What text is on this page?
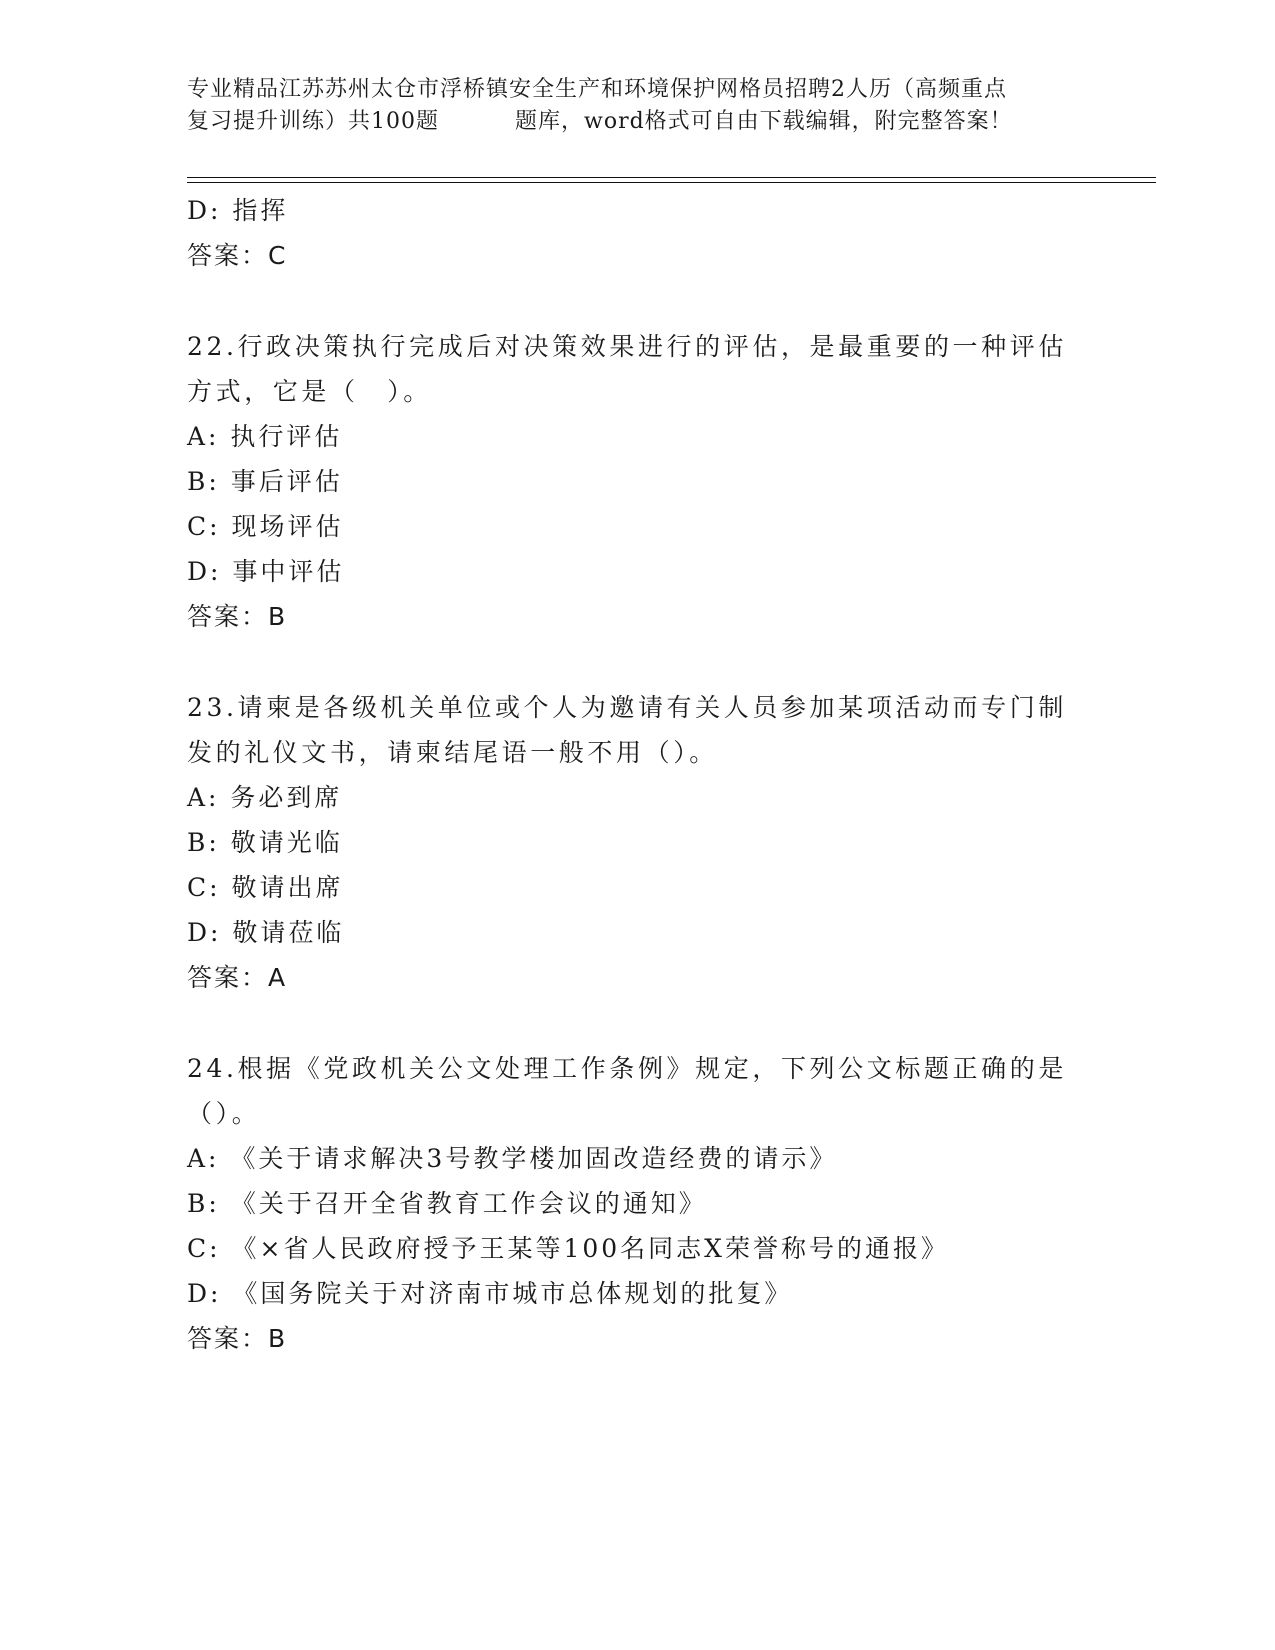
专业精品江苏苏州太仓市浮桥镇安全生产和环境保护网格员招聘2人历（高频重点
复习提升训练）共100题	题库，word格式可自由下载编辑，附完整答案！
D: 指挥
答案：C
22.行政决策执行完成后对决策效果进行的评估，是最重要的一种评估
方式，它是（　）。
A: 执行评估
B: 事后评估
C: 现场评估
D: 事中评估
答案：B
23.请柬是各级机关单位或个人为邀请有关人员参加某项活动而专门制
发的礼仪文书，请柬结尾语一般不用（）。
A: 务必到席
B: 敬请光临
C: 敬请出席
D: 敬请莅临
答案：A
24.根据《党政机关公文处理工作条例》规定，下列公文标题正确的是
（）。
A: 《关于请求解决3号教学楼加固改造经费的请示》
B: 《关于召开全省教育工作会议的通知》
C: 《×省人民政府授予王某等100名同志X荣誉称号的通报》
D: 《国务院关于对济南市城市总体规划的批复》
答案：B
